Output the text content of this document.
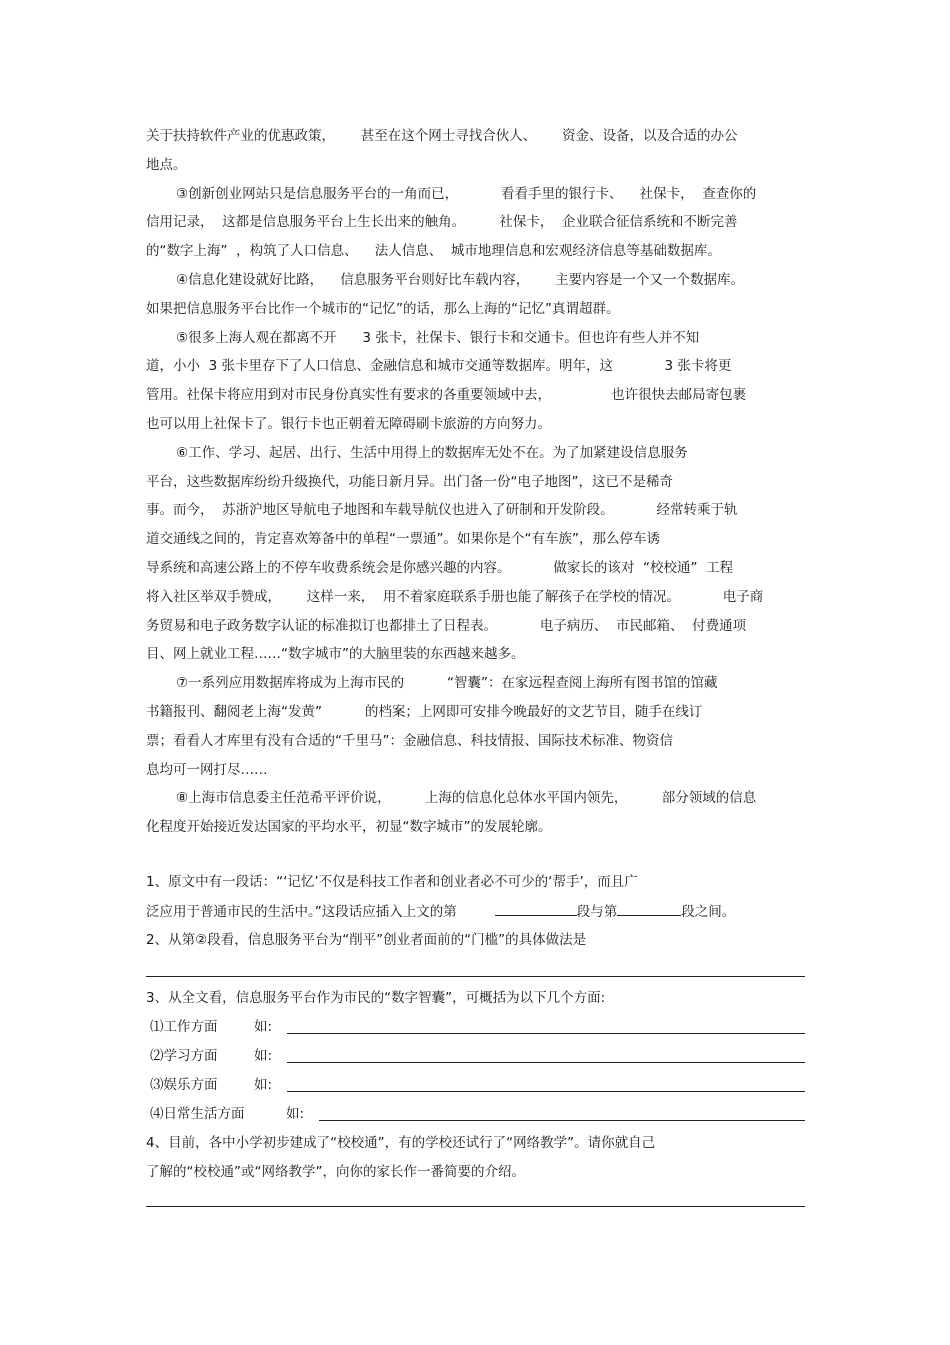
关于扶持软件产业的优惠政策，      甚至在这个网士寻找合伙人、      资金、设备，以及合适的办公
地点。
③创新创业网站只是信息服务平台的一角而已，          看看手里的银行卡、    社保卡，  查查你的
信用记录，  这都是信息服务平台上生长出来的触角。        社保卡，  企业联合征信系统和不断完善
的“数字上海”  ，构筑了人口信息、    法人信息、  城市地理信息和宏观经济信息等基础数据库。
④信息化建设就好比路，    信息服务平台则好比车载内容，      主要内容是一个又一个数据库。
如果把信息服务平台比作一个城市的“记忆”的话，那么上海的“记忆”真谓超群。
⑤很多上海人观在都离不开      3 张卡，社保卡、银行卡和交通卡。但也许有些人并不知
道，小小  3 张卡里存下了人口信息、金融信息和城市交通等数据库。明年，这            3 张卡将更
管用。社保卡将应用到对市民身份真实性有要求的各重要领域中去，              也许很快去邮局寄包裹
也可以用上社保卡了。银行卡也正朝着无障碍刷卡旅游的方向努力。
⑥工作、学习、起居、出行、生活中用得上的数据库无处不在。为了加紧建设信息服务
平台，这些数据库纷纷升级换代，功能日新月异。出门备一份“电子地图”，这已不是稀奇
事。而今，  苏浙沪地区导航电子地图和车载导航仪也进入了研制和开发阶段。          经常转乘于轨
道交通线之间的，肯定喜欢筹备中的单程“一票通”。如果你是个“有车族”，那么停车诱
导系统和高速公路上的不停车收费系统会是你感兴趣的内容。          做家长的该对  “校校通”  工程
将入社区举双手赞成，      这样一来，  用不着家庭联系手册也能了解孩子在学校的情况。          电子商
务贸易和电子政务数字认证的标准拟订也都排土了日程表。          电子病历、  市民邮箱、  付费通项
目、网上就业工程……“数字城市”的大脑里装的东西越来越多。
⑦一系列应用数据库将成为上海市民的          “智囊”：在家远程查阅上海所有图书馆的馆藏
书籍报刊、翻阅老上海“发黄”          的档案；上网即可安排今晚最好的文艺节目，随手在线订
票；看看人才库里有没有合适的“千里马”：金融信息、科技情报、国际技术标准、物资信
息均可一网打尽……
⑧上海市信息委主任范希平评价说，        上海的信息化总体水平国内领先，        部分领域的信息
化程度开始接近发达国家的平均水平，初显“数字城市”的发展轮廓。
1、原文中有一段话：“‘记忆’不仅是科技工作者和创业者必不可少的‘帮手’，而且广
泛应用于普通市民的生活中。”这段话应插入上文的第	段与第	段之间。
2、从第②段看，信息服务平台为“削平”创业者面前的“门槛”的具体做法是
3、从全文看，信息服务平台作为市民的“数字智囊”，可概括为以下几个方面:
⑴工作方面	如:
⑵学习方面	如:
⑶娱乐方面	如:
⑷日常生活方面	如:
4、目前，各中小学初步建成了“校校通”，有的学校还试行了“网络教学”。请你就自己
了解的“校校通”或“网络教学”，向你的家长作一番简要的介绍。
